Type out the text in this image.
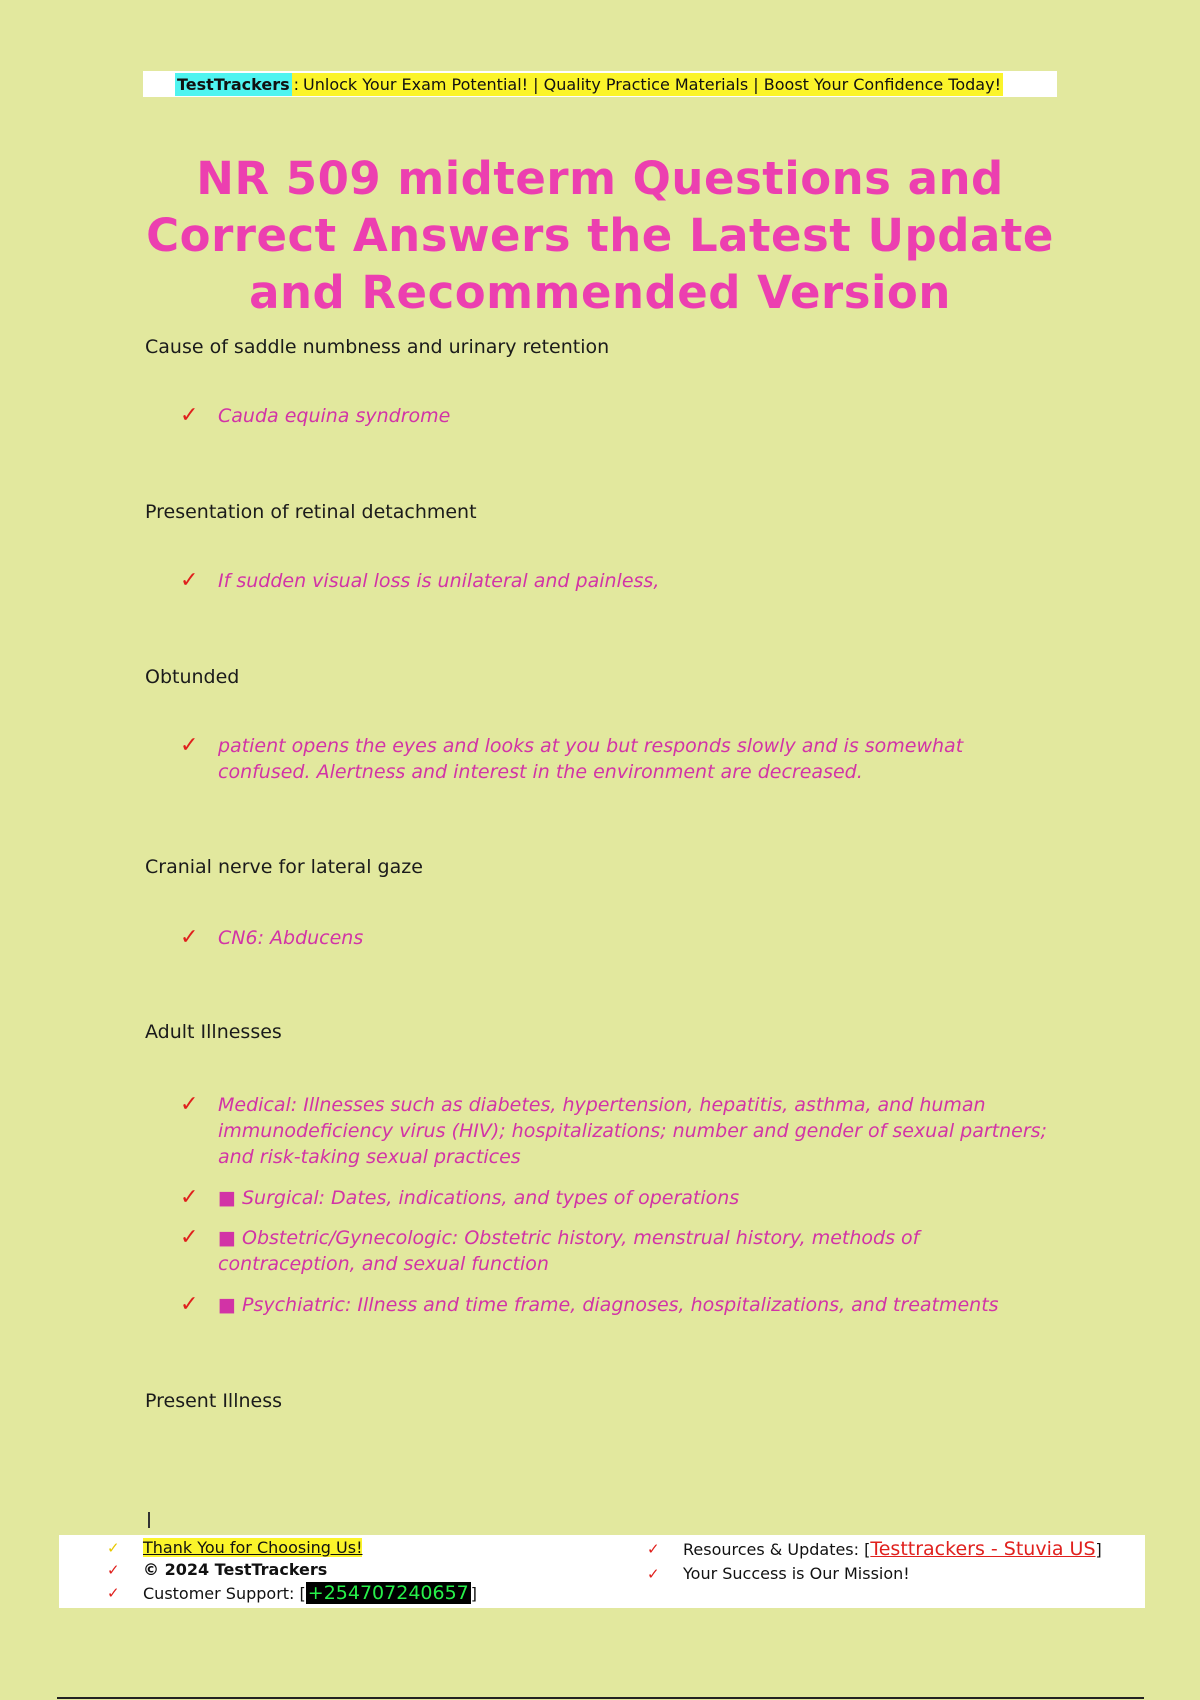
TestTrackers : Unlock Your Exam Potential! | Quality Practice Materials | Boost Your Confidence Today!
NR 509 midterm Questions and Correct Answers the Latest Update and Recommended Version
Cause of saddle numbness and urinary retention
✓	Cauda equina syndrome
Presentation of retinal detachment
✓	If sudden visual loss is unilateral and painless,
Obtunded
✓	patient opens the eyes and looks at you but responds slowly and is somewhat confused. Alertness and interest in the environment are decreased.
Cranial nerve for lateral gaze
✓	CN6: Abducens
Adult Illnesses
✓	Medical: Illnesses such as diabetes, hypertension, hepatitis, asthma, and human immunodeficiency virus (HIV); hospitalizations; number and gender of sexual partners; and risk-taking sexual practices
✓	■ Surgical: Dates, indications, and types of operations
✓	■ Obstetric/Gynecologic: Obstetric history, menstrual history, methods of contraception, and sexual function
✓	■ Psychiatric: Illness and time frame, diagnoses, hospitalizations, and treatments
Present Illness
✓	Thank You for Choosing Us!
✓	© 2024 TestTrackers
✓	Customer Support: [ +254707240657 ]
✓	Resources & Updates: [ Testtrackers - Stuvia US ]
✓	Your Success is Our Mission!
